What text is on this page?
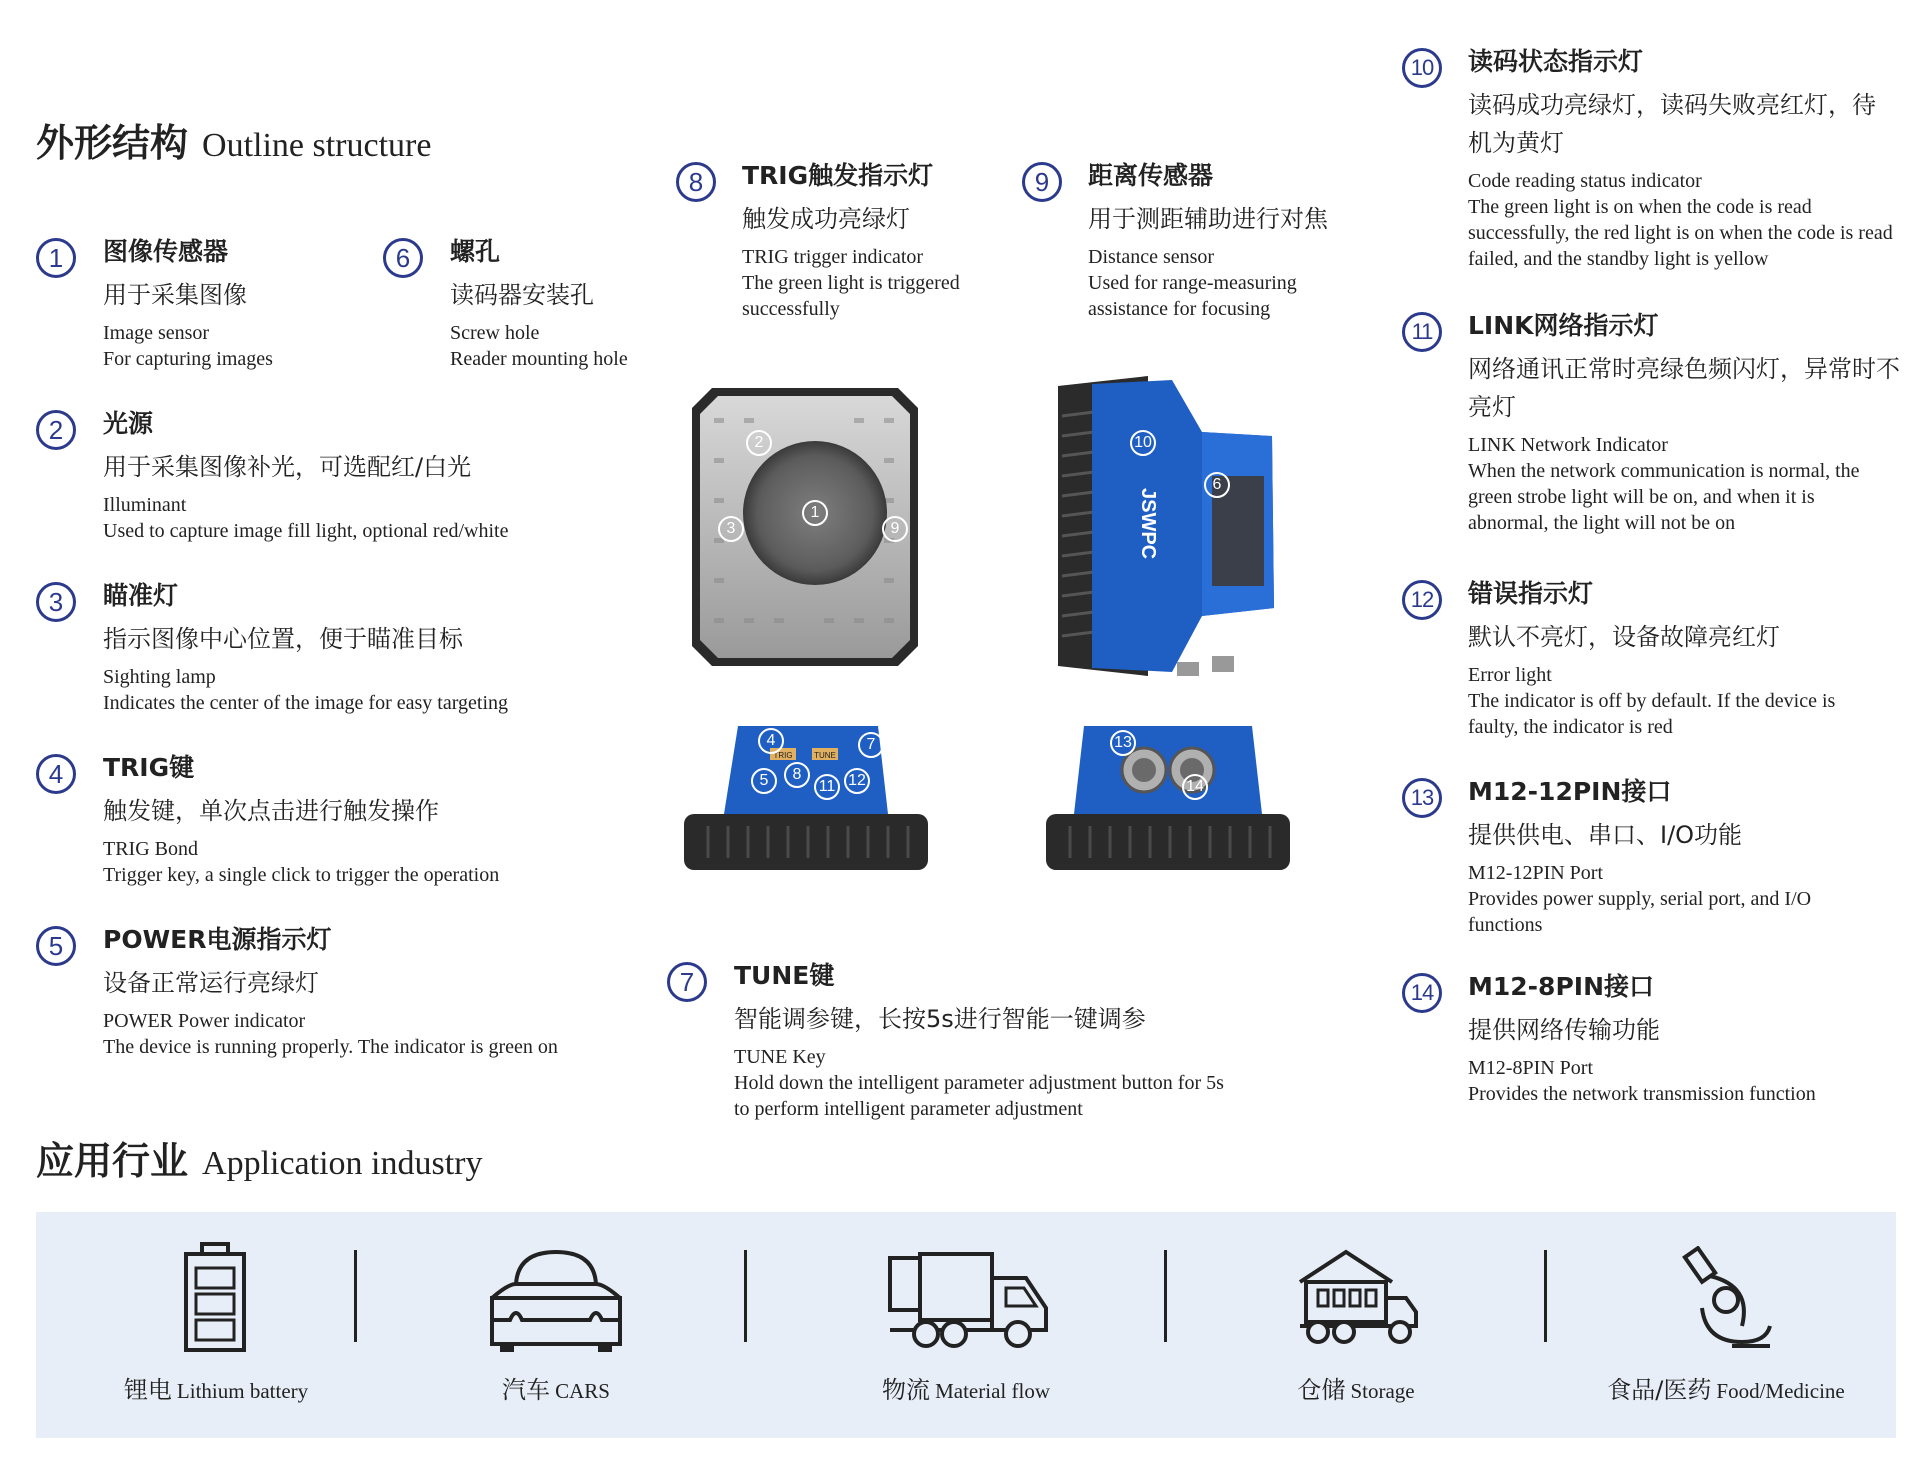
外形结构 Outline structure
1	图像传感器
用于采集图像
Image sensor
For capturing images
6	螺孔
读码器安装孔
Screw hole
Reader mounting hole
2	光源
用于采集图像补光，可选配红/白光
Illuminant
Used to capture image fill light, optional red/white
3	瞄准灯
指示图像中心位置，便于瞄准目标
Sighting lamp
Indicates the center of the image for easy targeting
4	TRIG键
触发键，单次点击进行触发操作
TRIG Bond
Trigger key, a single click to trigger the operation
5	POWER电源指示灯
设备正常运行亮绿灯
POWER Power indicator
The device is running properly. The indicator is green on
8	TRIG触发指示灯
触发成功亮绿灯
TRIG trigger indicator
The green light is triggered successfully
9	距离传感器
用于测距辅助进行对焦
Distance sensor
Used for range-measuring assistance for focusing
7	TUNE键
智能调参键，长按5s进行智能一键调参
TUNE Key
Hold down the intelligent parameter adjustment button for 5s to perform intelligent parameter adjustment
10	读码状态指示灯
读码成功亮绿灯，读码失败亮红灯，待机为黄灯
Code reading status indicator
The green light is on when the code is read successfully, the red light is on when the code is read failed, and the standby light is yellow
11	LINK网络指示灯
网络通讯正常时亮绿色频闪灯，异常时不亮灯
LINK Network Indicator
When the network communication is normal, the green strobe light will be on, and when it is abnormal, the light will not be on
12	错误指示灯
默认不亮灯，设备故障亮红灯
Error light
The indicator is off by default. If the device is faulty, the indicator is red
13	M12-12PIN接口
提供供电、串口、I/O功能
M12-12PIN Port
Provides power supply, serial port, and I/O functions
14	M12-8PIN接口
提供网络传输功能
M12-8PIN Port
Provides the network transmission function
2
1
3	9	JSWPC
10
6
TRIG	TUNE
4	7
5	8
11 12
13
14
应用行业 Application industry
锂电 Lithium battery	汽车 CARS	物流 Material flow	仓储 Storage	食品/医药 Food/Medicine
